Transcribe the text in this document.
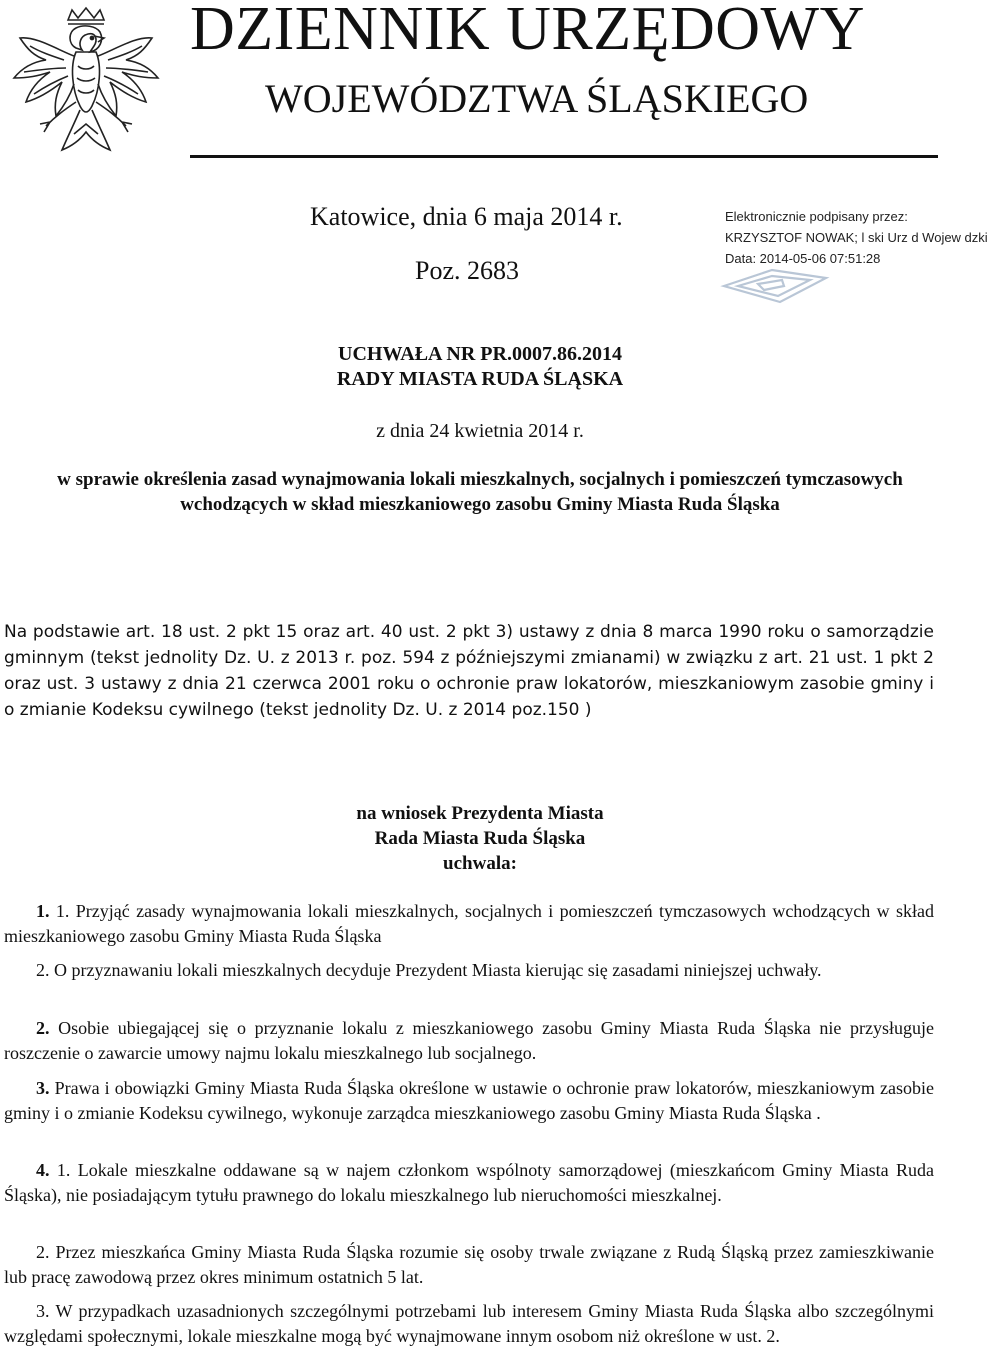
DZIENNIK URZĘDOWY
WOJEWÓDZTWA ŚLĄSKIEGO
Katowice, dnia 6 maja 2014 r.
Poz. 2683
Elektronicznie podpisany przez:
KRZYSZTOF NOWAK; l ski Urz d Wojew dzki
Data: 2014-05-06 07:51:28
UCHWAŁA NR PR.0007.86.2014
RADY MIASTA RUDA ŚLĄSKA
z dnia 24 kwietnia 2014 r.
w sprawie określenia zasad wynajmowania lokali mieszkalnych, socjalnych i pomieszczeń tymczasowych
wchodzących w skład mieszkaniowego zasobu Gminy Miasta Ruda Śląska
Na podstawie art. 18 ust. 2 pkt 15 oraz art. 40 ust. 2 pkt 3) ustawy z dnia 8 marca 1990 roku o samorządzie gminnym (tekst jednolity Dz. U. z 2013 r. poz. 594 z późniejszymi zmianami) w związku z art. 21 ust. 1 pkt 2 oraz ust. 3 ustawy z dnia 21 czerwca 2001 roku o ochronie praw lokatorów, mieszkaniowym zasobie gminy i o zmianie Kodeksu cywilnego (tekst jednolity Dz. U. z 2014 poz.150 )
na wniosek Prezydenta Miasta
Rada Miasta Ruda Śląska
uchwala:
1. 1. Przyjąć zasady wynajmowania lokali mieszkalnych, socjalnych i pomieszczeń tymczasowych wchodzących w skład mieszkaniowego zasobu Gminy Miasta Ruda Śląska
2. O przyznawaniu lokali mieszkalnych decyduje Prezydent Miasta kierując się zasadami niniejszej uchwały.
2. Osobie ubiegającej się o przyznanie lokalu z mieszkaniowego zasobu Gminy Miasta Ruda Śląska nie przysługuje roszczenie o zawarcie umowy najmu lokalu mieszkalnego lub socjalnego.
3. Prawa i obowiązki Gminy Miasta Ruda Śląska określone w ustawie o ochronie praw lokatorów, mieszkaniowym zasobie gminy i o zmianie Kodeksu cywilnego, wykonuje zarządca mieszkaniowego zasobu Gminy Miasta Ruda Śląska .
4. 1. Lokale mieszkalne oddawane są w najem członkom wspólnoty samorządowej (mieszkańcom Gminy Miasta Ruda Śląska), nie posiadającym tytułu prawnego do lokalu mieszkalnego lub nieruchomości mieszkalnej.
2. Przez mieszkańca Gminy Miasta Ruda Śląska rozumie się osoby trwale związane z Rudą Śląską przez zamieszkiwanie lub pracę zawodową przez okres minimum ostatnich 5 lat.
3. W przypadkach uzasadnionych szczególnymi potrzebami lub interesem Gminy Miasta Ruda Śląska albo szczególnymi względami społecznymi, lokale mieszkalne mogą być wynajmowane innym osobom niż określone w ust. 2.
